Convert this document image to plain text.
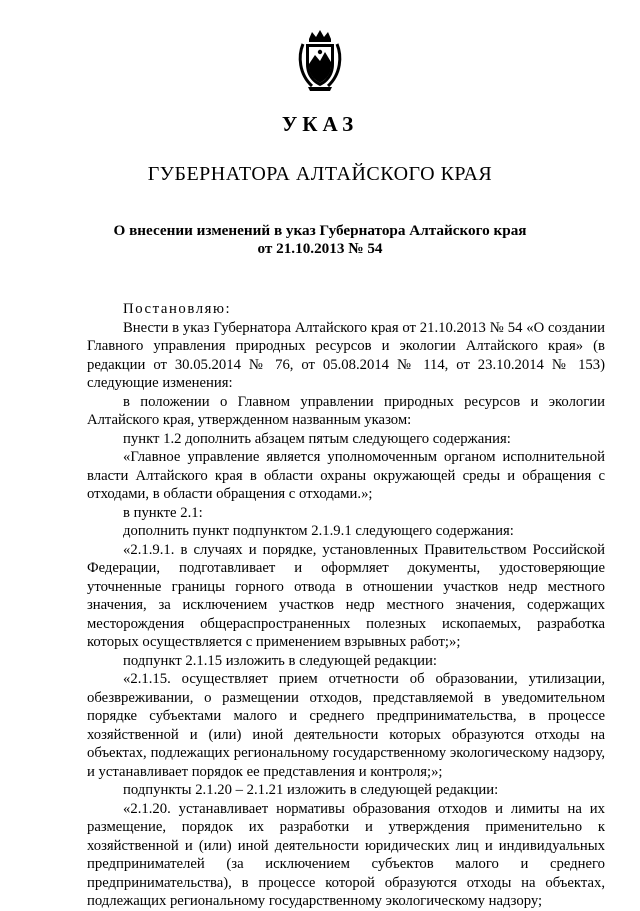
УКАЗ
ГУБЕРНАТОРА АЛТАЙСКОГО КРАЯ
О внесении изменений в указ Губернатора Алтайского края
от 21.10.2013 № 54

Постановляю:

Внести в указ Губернатора Алтайского края от 21.10.2013 № 54 «О создании Главного управления природных ресурсов и экологии Алтайского края» (в редакции от 30.05.2014 № 76, от 05.08.2014 № 114, от 23.10.2014 № 153) следующие изменения:

в положении о Главном управлении природных ресурсов и экологии Алтайского края, утвержденном названным указом:

пункт 1.2 дополнить абзацем пятым следующего содержания:

«Главное управление является уполномоченным органом исполнительной власти Алтайского края в области охраны окружающей среды и обращения с отходами, в области обращения с отходами.»;

в пункте 2.1:

дополнить пункт подпунктом 2.1.9.1 следующего содержания:

«2.1.9.1. в случаях и порядке, установленных Правительством Российской Федерации, подготавливает и оформляет документы, удостоверяющие уточненные границы горного отвода в отношении участков недр местного значения, за исключением участков недр местного значения, содержащих месторождения общераспространенных полезных ископаемых, разработка которых осуществляется с применением взрывных работ;»;

подпункт 2.1.15 изложить в следующей редакции:

«2.1.15. осуществляет прием отчетности об образовании, утилизации, обезвреживании, о размещении отходов, представляемой в уведомительном порядке субъектами малого и среднего предпринимательства, в процессе хозяйственной и (или) иной деятельности которых образуются отходы на объектах, подлежащих региональному государственному экологическому надзору, и устанавливает порядок ее представления и контроля;»;

подпункты 2.1.20 – 2.1.21 изложить в следующей редакции:

«2.1.20. устанавливает нормативы образования отходов и лимиты на их размещение, порядок их разработки и утверждения применительно к хозяйственной и (или) иной деятельности юридических лиц и индивидуальных предпринимателей (за исключением субъектов малого и среднего предпринимательства), в процессе которой образуются отходы на объектах, подлежащих региональному государственному экологическому надзору;
